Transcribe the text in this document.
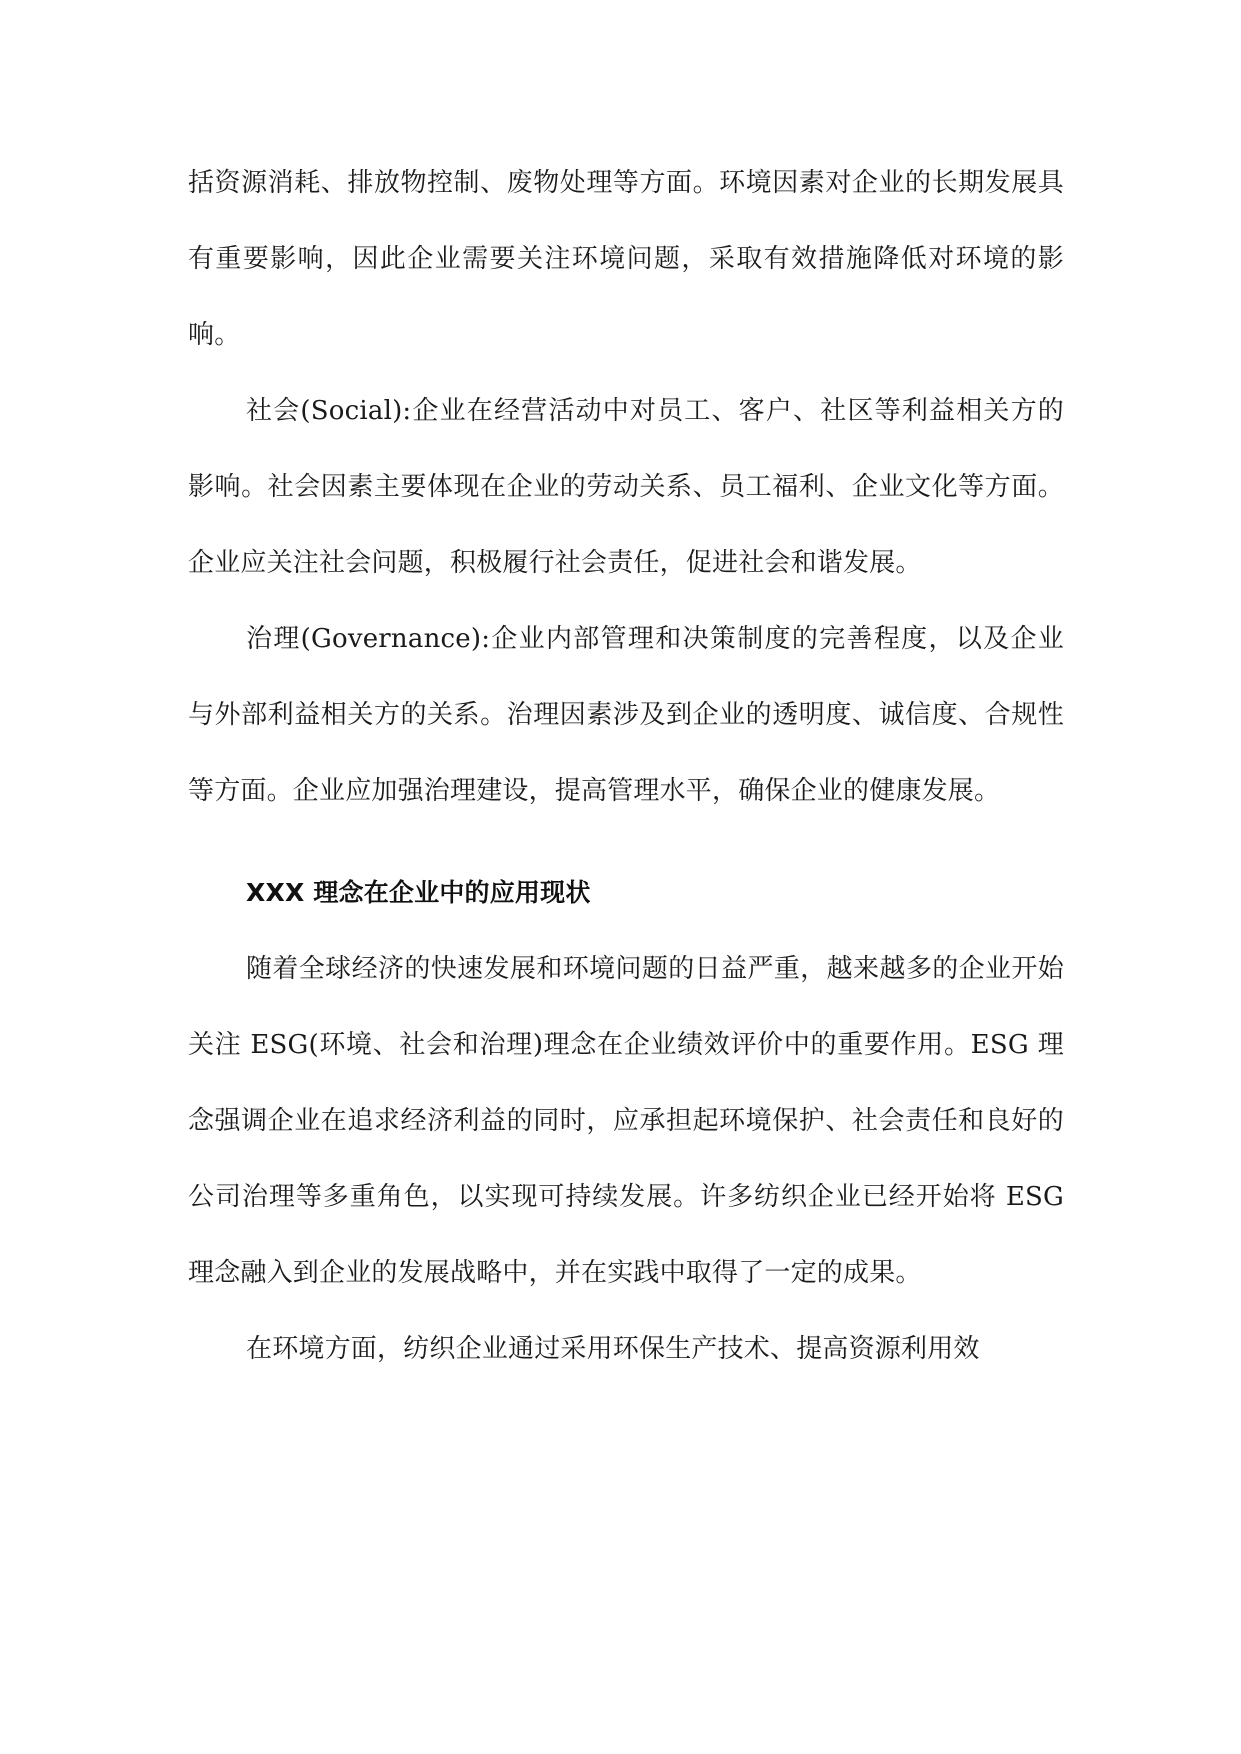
括资源消耗、排放物控制、废物处理等方面。环境因素对企业的长期发展具有重要影响，因此企业需要关注环境问题，采取有效措施降低对环境的影响。

社会(Social):企业在经营活动中对员工、客户、社区等利益相关方的影响。社会因素主要体现在企业的劳动关系、员工福利、企业文化等方面。企业应关注社会问题，积极履行社会责任，促进社会和谐发展。

治理(Governance):企业内部管理和决策制度的完善程度，以及企业与外部利益相关方的关系。治理因素涉及到企业的透明度、诚信度、合规性等方面。企业应加强治理建设，提高管理水平，确保企业的健康发展。

XXX 理念在企业中的应用现状

随着全球经济的快速发展和环境问题的日益严重，越来越多的企业开始关注 ESG(环境、社会和治理)理念在企业绩效评价中的重要作用。ESG 理念强调企业在追求经济利益的同时，应承担起环境保护、社会责任和良好的公司治理等多重角色，以实现可持续发展。许多纺织企业已经开始将 ESG 理念融入到企业的发展战略中，并在实践中取得了一定的成果。

在环境方面，纺织企业通过采用环保生产技术、提高资源利用效
